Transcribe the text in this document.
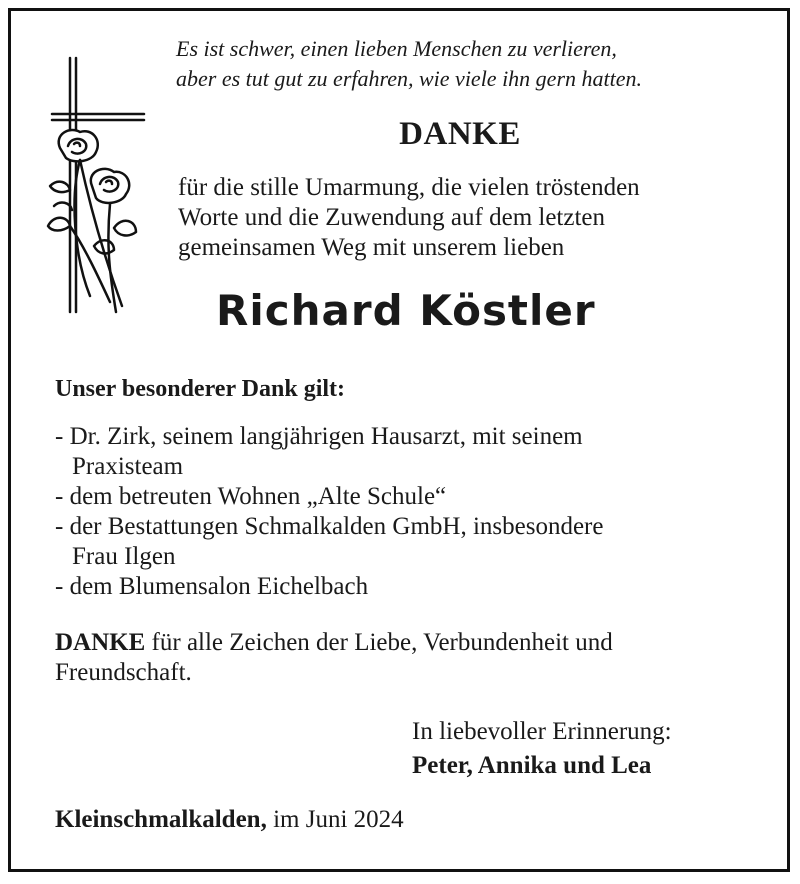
Es ist schwer, einen lieben Menschen zu verlieren,
aber es tut gut zu erfahren, wie viele ihn gern hatten.
DANKE
für die stille Umarmung, die vielen tröstenden
Worte und die Zuwendung auf dem letzten
gemeinsamen Weg mit unserem lieben
Richard Köstler
Unser besonderer Dank gilt:
- Dr. Zirk, seinem langjährigen Hausarzt, mit seinem
Praxisteam
- dem betreuten Wohnen „Alte Schule“
- der Bestattungen Schmalkalden GmbH, insbesondere
Frau Ilgen
- dem Blumensalon Eichelbach
DANKE für alle Zeichen der Liebe, Verbundenheit und
Freundschaft.
In liebevoller Erinnerung:
Peter, Annika und Lea
Kleinschmalkalden, im Juni 2024
